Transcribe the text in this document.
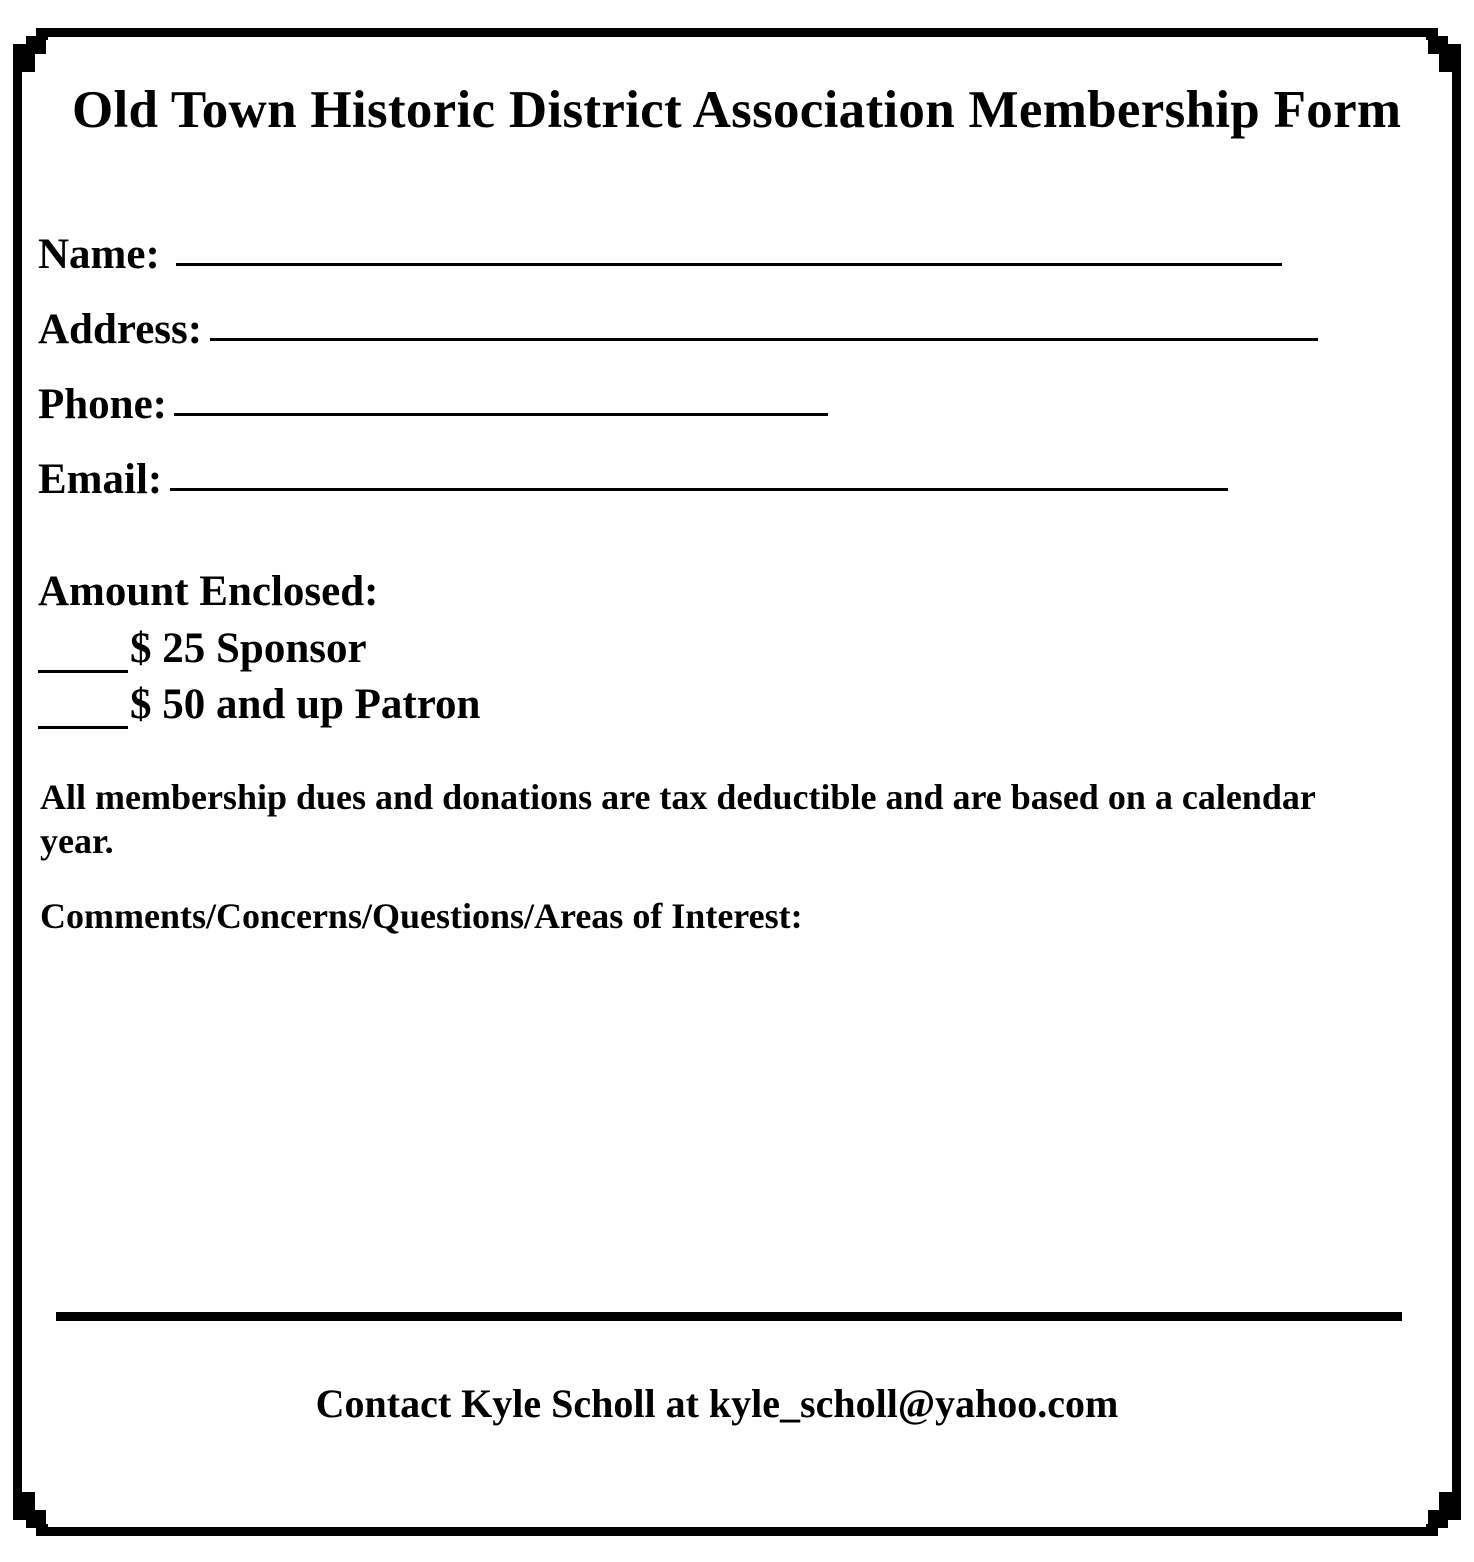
Old Town Historic District Association Membership Form
Name:
Address:
Phone:
Email:
Amount Enclosed:
$ 25 Sponsor
$ 50 and up Patron
All membership dues and donations are tax deductible and are based on a calendar year.
Comments/Concerns/Questions/Areas of Interest:
Contact Kyle Scholl at kyle_scholl@yahoo.com
